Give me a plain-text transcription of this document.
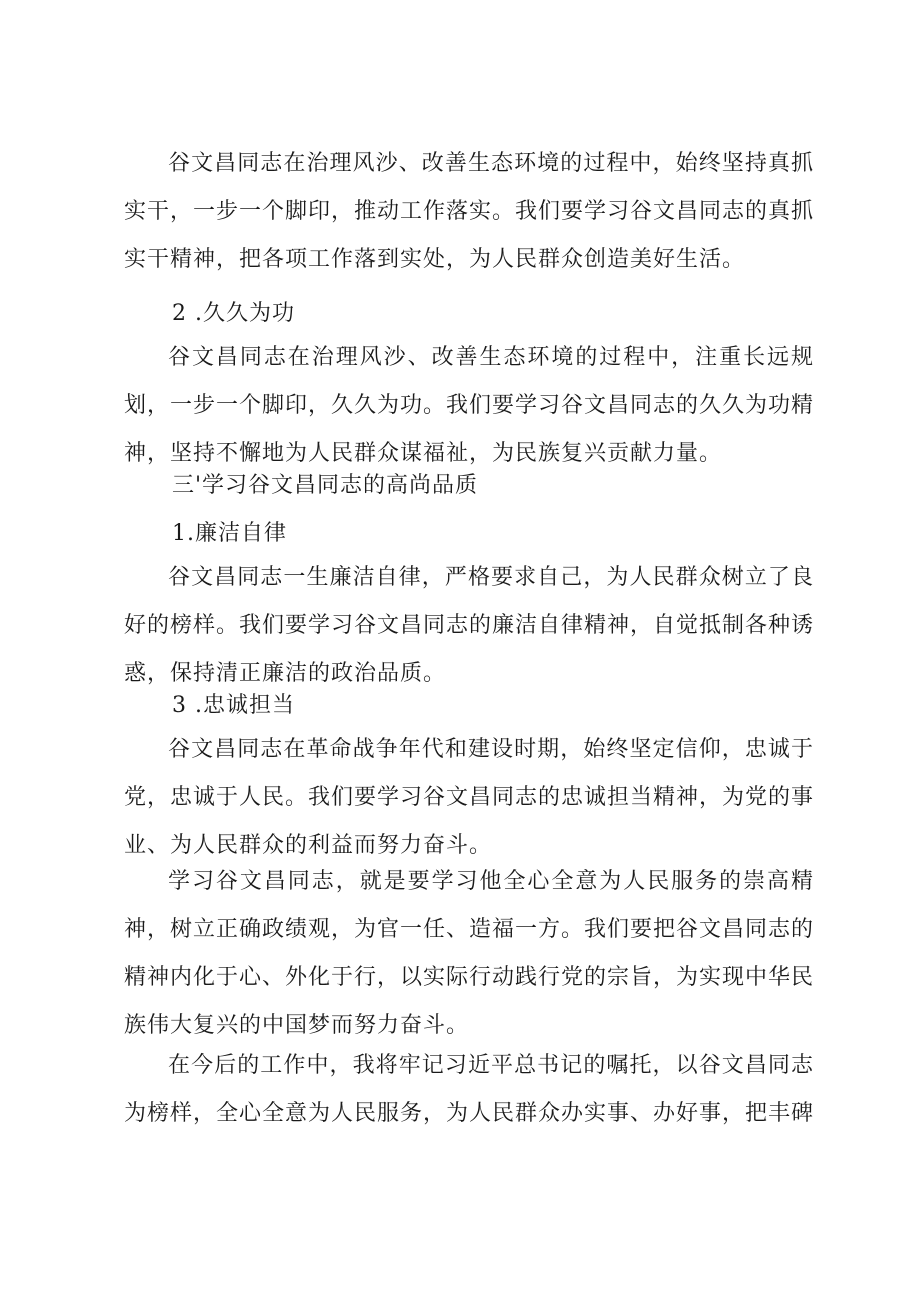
谷文昌同志在治理风沙、改善生态环境的过程中，始终坚持真抓实干，一步一个脚印，推动工作落实。我们要学习谷文昌同志的真抓实干精神，把各项工作落到实处，为人民群众创造美好生活。

2 .久久为功

谷文昌同志在治理风沙、改善生态环境的过程中，注重长远规划，一步一个脚印，久久为功。我们要学习谷文昌同志的久久为功精神，坚持不懈地为人民群众谋福祉，为民族复兴贡献力量。

三'学习谷文昌同志的高尚品质
1.廉洁自律

谷文昌同志一生廉洁自律，严格要求自己，为人民群众树立了良好的榜样。我们要学习谷文昌同志的廉洁自律精神，自觉抵制各种诱惑，保持清正廉洁的政治品质。

3 .忠诚担当

谷文昌同志在革命战争年代和建设时期，始终坚定信仰，忠诚于党，忠诚于人民。我们要学习谷文昌同志的忠诚担当精神，为党的事业、为人民群众的利益而努力奋斗。

学习谷文昌同志，就是要学习他全心全意为人民服务的崇高精神，树立正确政绩观，为官一任、造福一方。我们要把谷文昌同志的精神内化于心、外化于行，以实际行动践行党的宗旨，为实现中华民族伟大复兴的中国梦而努力奋斗。

在今后的工作中，我将牢记习近平总书记的嘱托，以谷文昌同志为榜样，全心全意为人民服务，为人民群众办实事、办好事，把丰碑
